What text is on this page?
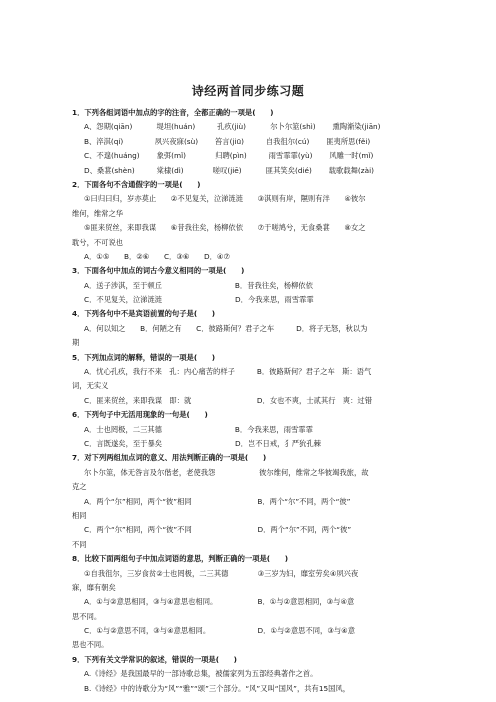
诗经两首同步练习题
1．下列各组词语中加点的字的注音，全都正确的一项是(　　)
A、怨期(qiān)　　　 堤坦(huán)　　　孔疚(jiù)　　　 尔卜尔筮(shì)　　 熏陶渐染(jiān)
B、淬淇(qí)　　　　 夙兴夜寐(sù)　　 笞言(jiū)　　　自我徂尔(cú)　　 匪夷所思(fěi)
C、不遑(huáng)　　 象弭(mǐ)　　　　归聘(pìn)　　　雨雪霏霏(yù)　　 风雕一时(mǐ)
D、桑葚(shèn)　　　棠棣(dì)　　　　嗟叹(jiē)　　　 匪其笑矣(dié)　　 载歌载舞(zài)
2．下面各句不含通假字的一项是(　　)
①曰归曰归，岁亦莫止　　②不见复关，泣涕涟涟　　③淇则有岸，隰则有泮　　④彼尔
维何，维常之华
⑤匪来贸丝，来即我谋　　⑥昔我往矣，杨柳依依　　⑦于嗟鸠兮，无食桑葚　　⑧女之
耽兮，不可说也
A．①⑤　　B．②⑥　　C．③⑥　　D．④⑦
3．下面各句中加点的词古今意义相同的一项是(　　)
A．送子涉淇，至于顿丘　　　　　　　　　　B．昔我往矣，杨柳依依
C．不见复关，泣涕涟涟　　　　　　　　　　D．今我来思，雨雪霏霏
4．下列各句中不是宾语前置的句子是(　　)
A．何以知之　　B．何陋之有　　C．彼路斯何？君子之车　　　D．将子无怒，秋以为
期
5．下列加点词的解释，错误的一项是(　　)
A．忧心孔疚，我行不来　孔：内心痛苦的样子　　　B．彼路斯何？君子之车　斯：语气
词，无实义
C．匪来贸丝，来即我谋　即：就　　　　　　　　　D．女也不爽，士贰其行　爽：过错
6．下列句子中无活用现象的一句是(　　)
A．士也罔极，二三其德　　　　　　　　　　B．今我来思，雨雪霏霏
C．言既遂矣，至于暴矣　　　　　　　　　　D．岂不日戒，犭严狁孔棘
7．对下列两组加点词的意义、用法判断正确的一项是(　　)
尔卜尔筮，体无咎言及尔偕老，老使我怨　　　　　　彼尔维何，维常之华彼竭我旅，故
克之
A．两个“尔”相同，两个“彼”相同　　　　　　　　　B．两个“尔”不同，两个“彼”
相同
C．两个“尔”相同，两个“彼”不同　　　　　　　　　D．两个“尔”不同，两个“彼”
不同
8．比较下面两组句子中加点词语的意思，判断正确的一项是(　　)
①自我徂尔，三岁食贫②士也罔极，二三其德　　　　③三岁为妇，靡室劳矣④夙兴夜
寐，靡有朝矣
A．①与②意思相同，③与④意思也相同。　　　　　　B．①与②意思相同，③与④意
思不同。
C．①与②意思不同，③与④意思相同。　　　　　　　D．①与②意思不同，③与④意
思也不同。
9．下列有关文学常识的叙述，错误的一项是(　　)
A.《诗经》是我国最早的一部诗歌总集，被儒家列为五部经典著作之首。
B.《诗经》中的诗歌分为“风”“雅”“颂”三个部分。“风”又叫“国风”，共有15国风，
